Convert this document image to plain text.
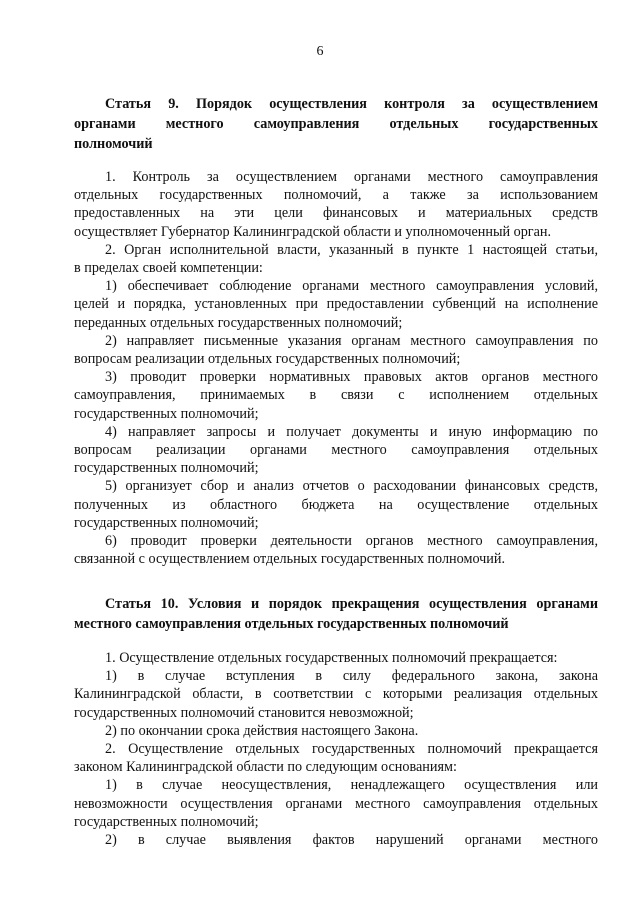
6
Статья 9. Порядок осуществления контроля за осуществлением
органами местного самоуправления отдельных государственных
полномочий
1. Контроль за осуществлением органами местного самоуправления
отдельных государственных полномочий, а также за использованием
предоставленных на эти цели финансовых и материальных средств
осуществляет Губернатор Калининградской области и уполномоченный орган.
2. Орган исполнительной власти, указанный в пункте 1 настоящей статьи,
в пределах своей компетенции:
1) обеспечивает соблюдение органами местного самоуправления условий,
целей и порядка, установленных при предоставлении субвенций на исполнение
переданных отдельных государственных полномочий;
2) направляет письменные указания органам местного самоуправления по
вопросам реализации отдельных государственных полномочий;
3) проводит проверки нормативных правовых актов органов местного
самоуправления, принимаемых в связи с исполнением отдельных
государственных полномочий;
4) направляет запросы и получает документы и иную информацию по
вопросам реализации органами местного самоуправления отдельных
государственных полномочий;
5) организует сбор и анализ отчетов о расходовании финансовых средств,
полученных из областного бюджета на осуществление отдельных
государственных полномочий;
6) проводит проверки деятельности органов местного самоуправления,
связанной с осуществлением отдельных государственных полномочий.
Статья 10. Условия и порядок прекращения осуществления органами
местного самоуправления отдельных государственных полномочий
1. Осуществление отдельных государственных полномочий прекращается:
1) в случае вступления в силу федерального закона, закона
Калининградской области, в соответствии с которыми реализация отдельных
государственных полномочий становится невозможной;
2) по окончании срока действия настоящего Закона.
2. Осуществление отдельных государственных полномочий прекращается
законом Калининградской области по следующим основаниям:
1) в случае неосуществления, ненадлежащего осуществления или
невозможности осуществления органами местного самоуправления отдельных
государственных полномочий;
2) в случае выявления фактов нарушений органами местного
